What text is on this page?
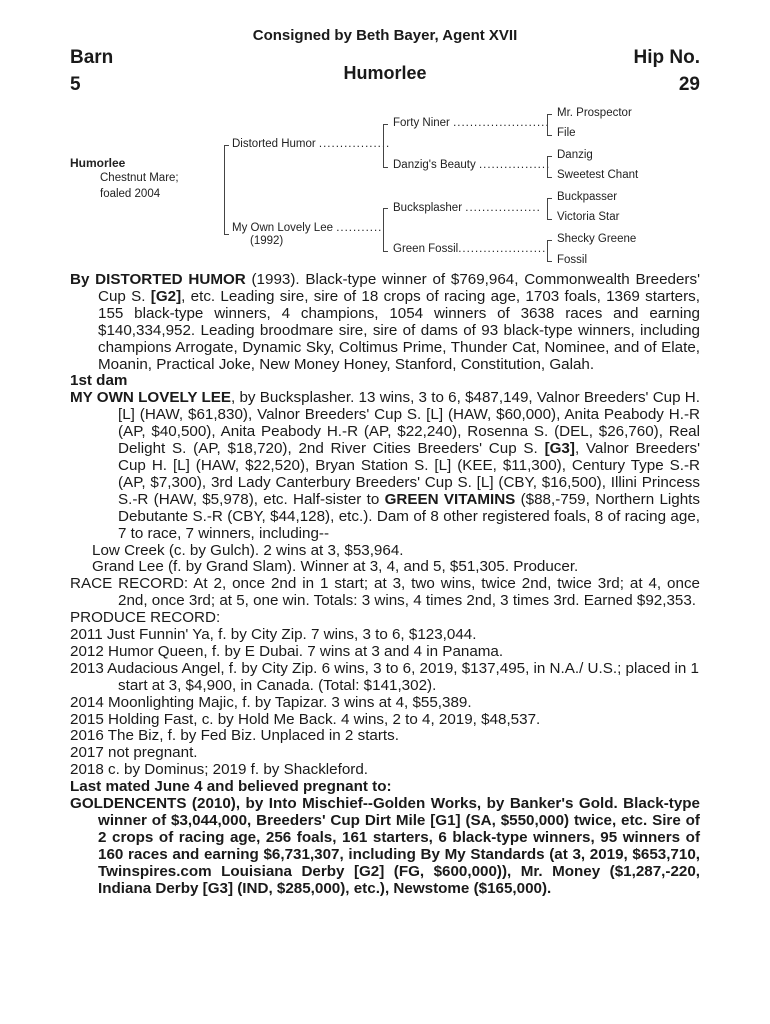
Consigned by Beth Bayer, Agent XVII
Barn
5
Humorlee
Hip No.
29
Humorlee
Chestnut Mare;
foaled 2004
Distorted Humor .................
My Own Lovely Lee ...........
(1992)
Forty Niner .......................
Danzig's Beauty .................
Bucksplasher ..................
Green Fossil.....................
Mr. Prospector
File
Danzig
Sweetest Chant
Buckpasser
Victoria Star
Shecky Greene
Fossil

By DISTORTED HUMOR (1993). Black-type winner of $769,964, Commonwealth Breeders' Cup S. [G2], etc. Leading sire, sire of 18 crops of racing age, 1703 foals, 1369 starters, 155 black-type winners, 4 champions, 1054 winners of 3638 races and earning $140,334,952. Leading broodmare sire, sire of dams of 93 black-type winners, including champions Arrogate, Dynamic Sky, Coltimus Prime, Thunder Cat, Nominee, and of Elate, Moanin, Practical Joke, New Money Honey, Stanford, Constitution, Galah.

1st dam

MY OWN LOVELY LEE, by Bucksplasher. 13 wins, 3 to 6, $487,149, Valnor Breeders' Cup H. [L] (HAW, $61,830), Valnor Breeders' Cup S. [L] (HAW, $60,000), Anita Peabody H.-R (AP, $40,500), Anita Peabody H.-R (AP, $22,240), Rosenna S. (DEL, $26,760), Real Delight S. (AP, $18,720), 2nd River Cities Breeders' Cup S. [G3], Valnor Breeders' Cup H. [L] (HAW, $22,520), Bryan Station S. [L] (KEE, $11,300), Century Type S.-R (AP, $7,300), 3rd Lady Canterbury Breeders' Cup S. [L] (CBY, $16,500), Illini Princess S.-R (HAW, $5,978), etc. Half-sister to GREEN VITAMINS ($88,-759, Northern Lights Debutante S.-R (CBY, $44,128), etc.). Dam of 8 other registered foals, 8 of racing age, 7 to race, 7 winners, including--

Low Creek (c. by Gulch). 2 wins at 3, $53,964.

Grand Lee (f. by Grand Slam). Winner at 3, 4, and 5, $51,305. Producer.

RACE RECORD: At 2, once 2nd in 1 start; at 3, two wins, twice 2nd, twice 3rd; at 4, once 2nd, once 3rd; at 5, one win. Totals: 3 wins, 4 times 2nd, 3 times 3rd. Earned $92,353.

PRODUCE RECORD:

2011 Just Funnin' Ya, f. by City Zip. 7 wins, 3 to 6, $123,044.

2012 Humor Queen, f. by E Dubai. 7 wins at 3 and 4 in Panama.

2013 Audacious Angel, f. by City Zip. 6 wins, 3 to 6, 2019, $137,495, in N.A./ U.S.; placed in 1 start at 3, $4,900, in Canada. (Total: $141,302).

2014 Moonlighting Majic, f. by Tapizar. 3 wins at 4, $55,389.

2015 Holding Fast, c. by Hold Me Back. 4 wins, 2 to 4, 2019, $48,537.

2016 The Biz, f. by Fed Biz. Unplaced in 2 starts.

2017 not pregnant.

2018 c. by Dominus; 2019 f. by Shackleford.

Last mated June 4 and believed pregnant to:

GOLDENCENTS (2010), by Into Mischief--Golden Works, by Banker's Gold. Black-type winner of $3,044,000, Breeders' Cup Dirt Mile [G1] (SA, $550,000) twice, etc. Sire of 2 crops of racing age, 256 foals, 161 starters, 6 black-type winners, 95 winners of 160 races and earning $6,731,307, including By My Standards (at 3, 2019, $653,710, Twinspires.com Louisiana Derby [G2] (FG, $600,000)), Mr. Money ($1,287,-220, Indiana Derby [G3] (IND, $285,000), etc.), Newstome ($165,000).
